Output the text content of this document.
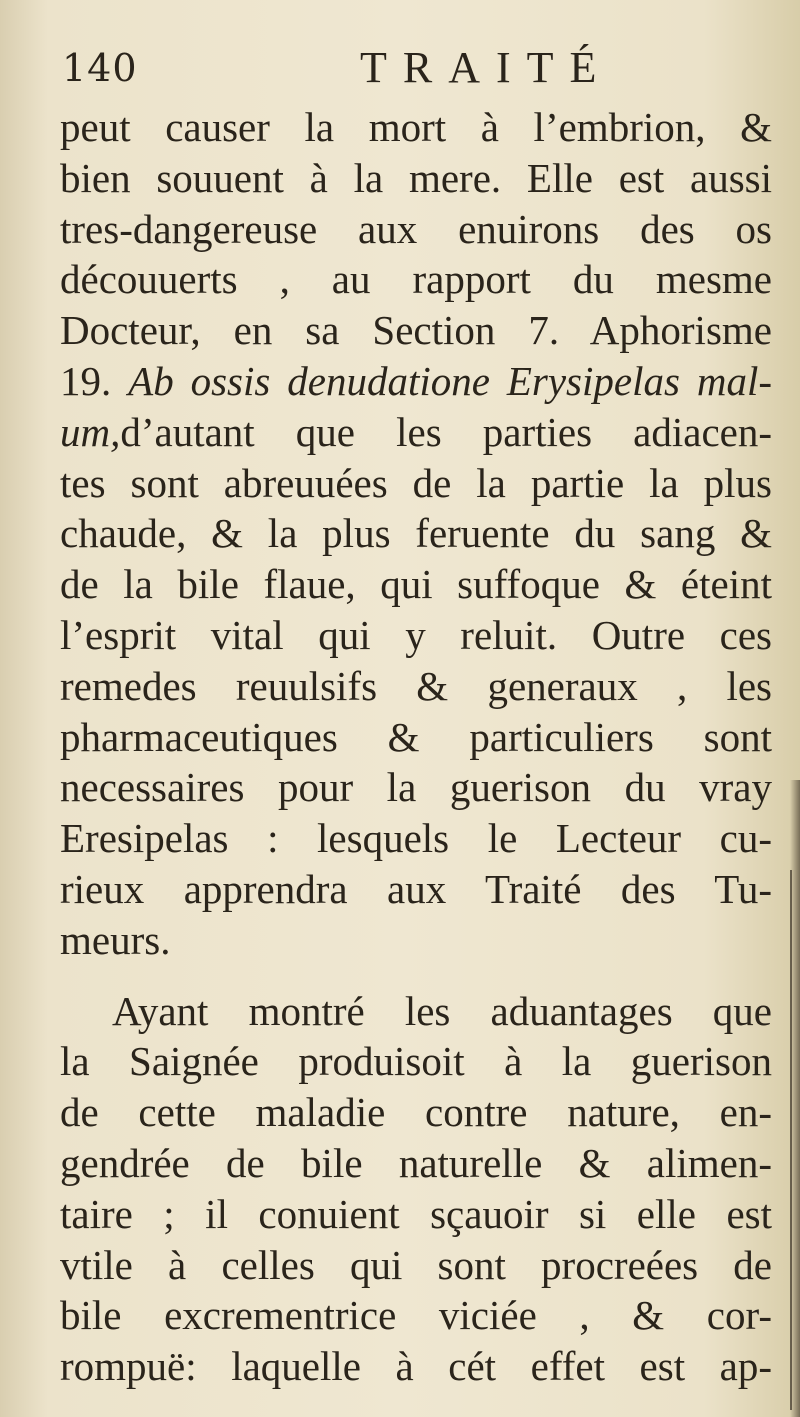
140	TRAITÉ
peut causer la mort à l’embrion, &
bien souuent à la mere. Elle est aussi
tres-dangereuse aux enuirons des os
découuerts , au rapport du mesme
Docteur, en sa Section 7. Aphorisme
19. Ab ossis denudatione Erysipelas mal-
um,d’autant que les parties adiacen-
tes sont abreuuées de la partie la plus
chaude, & la plus feruente du sang &
de la bile flaue, qui suffoque & éteint
l’esprit vital qui y reluit. Outre ces
remedes reuulsifs & generaux , les
pharmaceutiques & particuliers sont
necessaires pour la guerison du vray
Eresipelas : lesquels le Lecteur cu-
rieux apprendra aux Traité des Tu-
meurs.
Ayant montré les aduantages que
la Saignée produisoit à la guerison
de cette maladie contre nature, en-
gendrée de bile naturelle & alimen-
taire ; il conuient sçauoir si elle est
vtile à celles qui sont procreées de
bile excrementrice viciée , & cor-
rompuë: laquelle à cét effet est ap-
